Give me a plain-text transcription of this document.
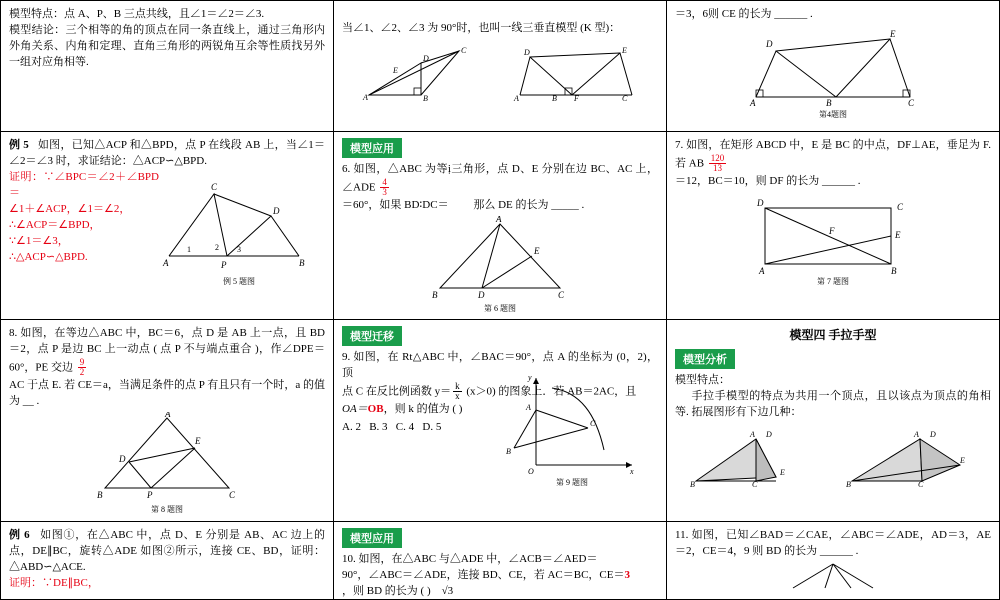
模型特点：点 A、P、B 三点共线，且∠1＝∠2＝∠3.
模型结论：三个相等的角的顶点在同一条直线上，通过三角形内外角关系、内角和定理、直角三角形的两锐角互余等性质找另外一组对应角相等.
当∠1、∠2、∠3 为 90°时，也叫一线三垂直模型 (K 型)：
A	B
C
D
E
A	B F	C
D	E
＝3，6则 CE 的长为 ______ .
A	B	C
D
E
第4题图
例 5 如图，已知△ACP 和△BPD，点 P 在线段 AB 上，当∠1＝∠2＝∠3 时，求证结论：△ACP∽△BPD.
证明：∵∠BPC＝∠2＋∠BPD＝
∠1＋∠ACP，∠1＝∠2，
∴∠ACP＝∠BPD，
∵∠1＝∠3，
∴△ACP∽△BPD.
A	P	B
C
D
1	2 3
例 5 题图
模型应用
6. 如图，△ABC 为等ị三角形，点 D、E 分别在边 BC、AC 上，∠ADE $\frac{4}{3}$
＝60°，如果 BD∶DC＝ 那么 DE 的长为 _____ .
A
B	D	C
E
第 6 题图
7. 如图，在矩形 ABCD 中，E 是 BC 的中点，DF⊥AE，垂足为 F. 若 AB $\frac{120}{13}$
＝12，BC＝10，则 DF 的长为 ______ .
A	B
C
D
E
F
第 7 题图
8. 如图，在等边△ABC 中，BC＝6，点 D 是 AB 上一点，且 BD＝2，点 P 是边 BC 上一动点 ( 点 P 不与端点重合 )，作∠DPE＝60°，PE 交边 $\frac{9}{2}$
AC 于点 E. 若 CE＝a，当满足条件的点 P 有且只有一个时，a 的值为 __ .
A
B	P	C
D
E
第 8 题图
模型迁移
9. 如图，在 Rt△ABC 中，∠BAC＝90°，点 A 的坐标为 (0，2)，顶
点 C 在反比例函数 $y= \frac{k}{x} (x>0)$ 的图象上．若 AB＝2AC，且
OA＝OB，则 k 的值为 ( )
A. 2 B. 3 C. 4 D. 5
y
x
O
A
B
C
第 9 题图
模型四 手拉手型
模型分析
模型特点：
手拉手模型的特点为共用一个顶点，且以该点为顶点的角相等. 拓展图形有下边几种：
A
B	C
D
E
A
B	C
D
E
例 6 如图①，在△ABC 中，点 D、E 分别是 AB、AC 边上的点，DE∥BC，旋转△ADE 如图②所示，连接 CE、BD，证明：△ABD∽△ACE.
证明：∵DE∥BC，
模型应用
10. 如图，在△ABC 与△ADE 中，∠ACB＝∠AED＝
90°，∠ABC＝∠ADE，连接 BD、CE，若 AC＝BC，CE＝3
，则 BD 的长为 ( ) √3
11. 如图，已知∠BAD＝∠CAE，∠ABC＝∠ADE，AD＝3，AE＝2，CE＝4，9 则 BD 的长为 ______ .
